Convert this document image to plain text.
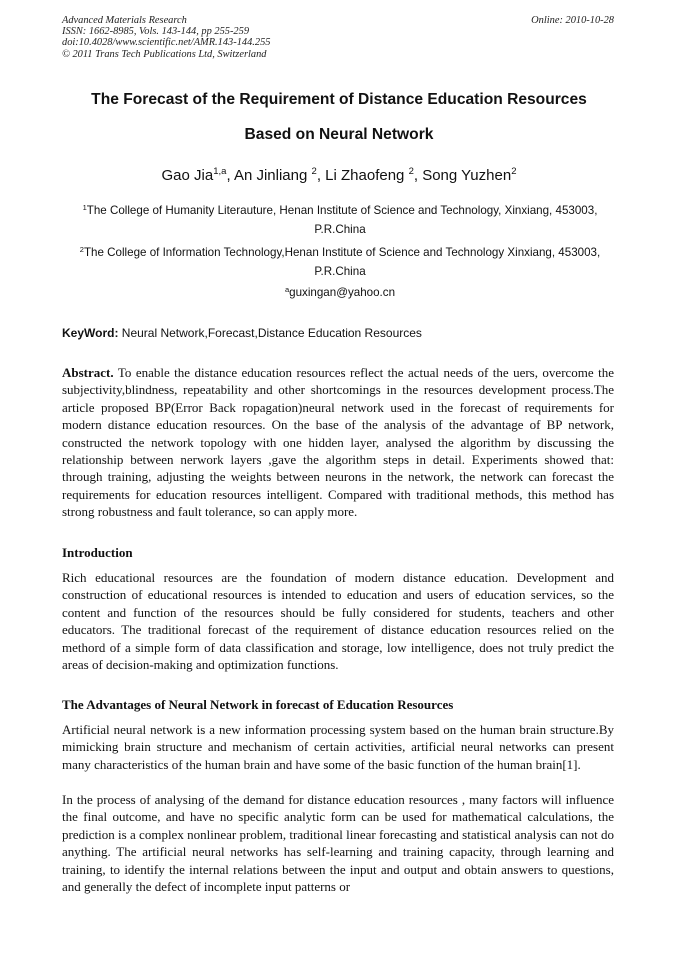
Advanced Materials Research
ISSN: 1662-8985, Vols. 143-144, pp 255-259
doi:10.4028/www.scientific.net/AMR.143-144.255
© 2011 Trans Tech Publications Ltd, Switzerland
Online: 2010-10-28
The Forecast of the Requirement of Distance Education Resources
Based on Neural Network
Gao Jia$^{1,a}$, An Jinliang $^2$, Li Zhaofeng $^2$, Song Yuzhen$^2$
$^1$The College of Humanity Literauture, Henan Institute of Science and Technology, Xinxiang, 453003, P.R.China
$^2$The College of Information Technology,Henan Institute of Science and Technology Xinxiang, 453003, P.R.China
$^a$guxingan@yahoo.cn
KeyWord: Neural Network,Forecast,Distance Education Resources

Abstract. To enable the distance education resources reflect the actual needs of the uers, overcome the subjectivity,blindness, repeatability and other shortcomings in the resources development process.The article proposed BP(Error Back ropagation)neural network used in the forecast of requirements for modern distance education resources. On the base of the analysis of the advantage of BP network, constructed the network topology with one hidden layer, analysed the algorithm by discussing the relationship between nerwork layers ,gave the algorithm steps in detail. Experiments showed that: through training, adjusting the weights between neurons in the network, the network can forecast the requirements for education resources intelligent. Compared with traditional methods, this method has strong robustness and fault tolerance, so can apply more.

Introduction

Rich educational resources are the foundation of modern distance education. Development and construction of educational resources is intended to education and users of education services, so the content and function of the resources should be fully considered for students, teachers and other educators. The traditional forecast of the requirement of distance education resources relied on the methord of a simple form of data classification and storage, low intelligence, does not truly predict the areas of decision-making and optimization functions.

The Advantages of Neural Network in forecast of Education Resources

Artificial neural network is a new information processing system based on the human brain structure.By mimicking brain structure and mechanism of certain activities, artificial neural networks can present many characteristics of the human brain and have some of the basic function of the human brain[1].

In the process of analysing of the demand for distance education resources , many factors will influence the final outcome, and have no specific analytic form can be used for mathematical calculations, the prediction is a complex nonlinear problem, traditional linear forecasting and statistical analysis can not do anything. The artificial neural networks has self-learning and training capacity, through learning and training, to identify the internal relations between the input and output and obtain answers to questions, and generally the defect of incomplete input patterns or
